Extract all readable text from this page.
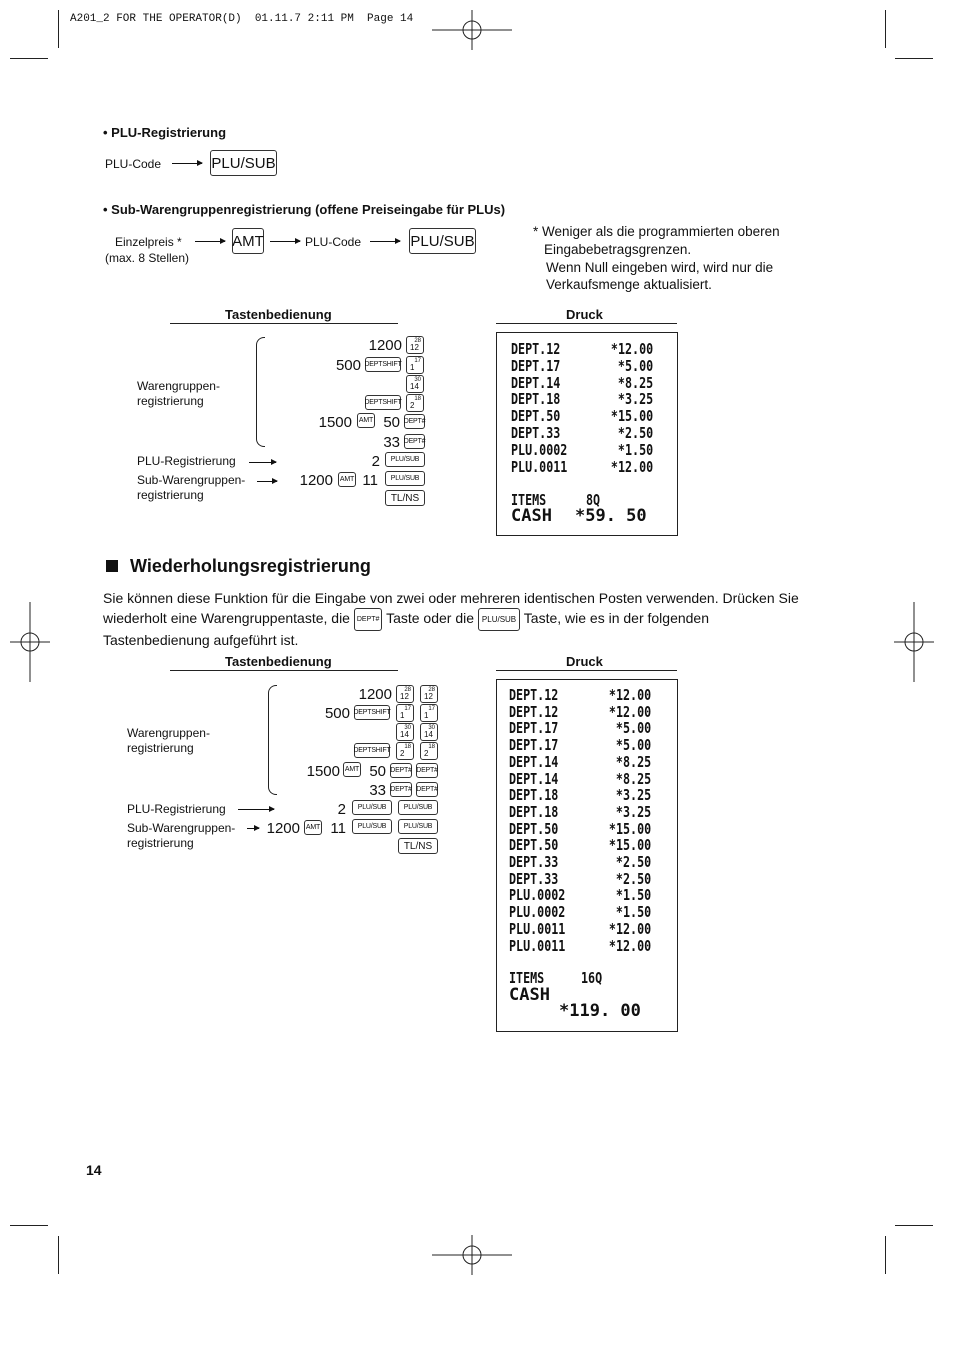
A201_2 FOR THE OPERATOR(D)  01.11.7 2:11 PM  Page 14
• PLU-Registrierung
PLU-Code	PLU/SUB
• Sub-Warengruppenregistrierung (offene Preiseingabe für PLUs)
Einzelpreis *
(max. 8 Stellen)
AMT	PLU-Code	PLU/SUB
* Weniger als die programmierten oberen
Eingabebetragsgrenzen.
Wenn Null eingeben wird, wird nur die
Verkaufsmenge aktualisiert.
Tastenbedienung	Druck
Warengruppen-
registrierung
1200 28
12
500 DEPTSHIFT 17
1
30
14
DEPTSHIFT 18
2
1500 AMT 50 DEPT#
33 DEPT#
PLU-Registrierung	2	PLU/SUB
Sub-Warengruppen-
registrierung
1200 AMT 11	PLU/SUB
TL/NS
DEPT.12	*12.00
DEPT.17	*5.00
DEPT.14	*8.25
DEPT.18	*3.25
DEPT.50	*15.00
DEPT.33	*2.50
PLU.0002	*1.50
PLU.0011	*12.00
ITEMS	8Q
CASH *59. 50
Wiederholungsregistrierung
Sie können diese Funktion für die Eingabe von zwei oder mehreren identischen Posten verwenden. Drücken Sie
wiederholt eine Warengruppentaste, die DEPT# Taste oder die PLU/SUB Taste, wie es in der folgenden
Tastenbedienung aufgeführt ist.
Tastenbedienung	Druck
Warengruppen-
registrierung
1200 28
12
28
12
500 DEPTSHIFT 17
1
17
1
30
14
30
14
DEPTSHIFT 18
2
18
2
1500 AMT 50 DEPT# DEPT#
33 DEPT# DEPT#
PLU-Registrierung	2	PLU/SUB	PLU/SUB
Sub-Warengruppen-
registrierung
1200 AMT 11	PLU/SUB	PLU/SUB
TL/NS
DEPT.12	*12.00
DEPT.12	*12.00
DEPT.17	*5.00
DEPT.17	*5.00
DEPT.14	*8.25
DEPT.14	*8.25
DEPT.18	*3.25
DEPT.18	*3.25
DEPT.50	*15.00
DEPT.50	*15.00
DEPT.33	*2.50
DEPT.33	*2.50
PLU.0002	*1.50
PLU.0002	*1.50
PLU.0011	*12.00
PLU.0011	*12.00
ITEMS 16Q
CASH
*119. 00
14
